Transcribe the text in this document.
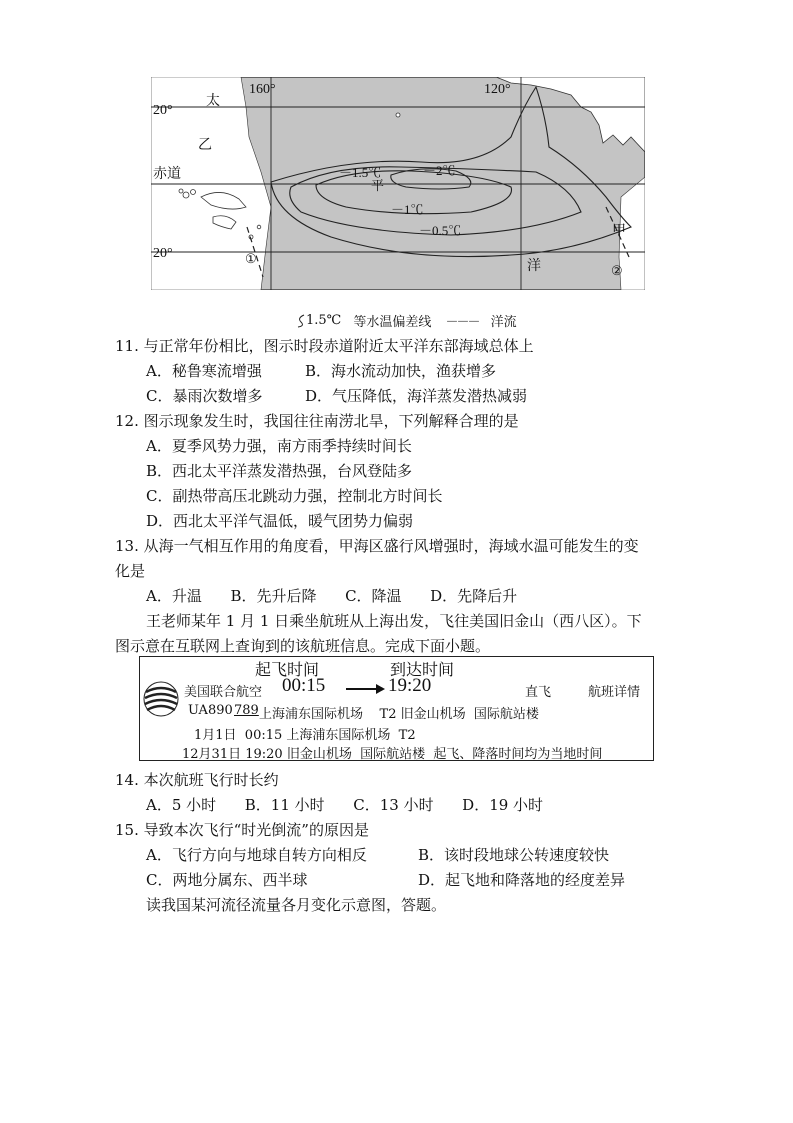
160°	120°
20°
20°
赤道
太
平
洋
乙
甲
－1.5℃	－2℃
－1℃
－0.5℃
①
②
1.5℃ 等水温偏差线 －－－ 洋流
11. 与正常年份相比，图示时段赤道附近太平洋东部海域总体上
A．秘鲁寒流增强	B．海水流动加快，渔获增多
C．暴雨次数增多	D．气压降低，海洋蒸发潜热减弱
12. 图示现象发生时，我国往往南涝北旱，下列解释合理的是
A．夏季风势力强，南方雨季持续时间长
B．西北太平洋蒸发潜热强，台风登陆多
C．副热带高压北跳动力强，控制北方时间长
D．西北太平洋气温低，暖气团势力偏弱
13. 从海一气相互作用的角度看，甲海区盛行风增强时，海域水温可能发生的变
化是
A．升温      B．先升后降      C．降温      D．先降后升
王老师某年 1 月 1 日乘坐航班从上海出发，飞往美国旧金山（西八区）。下
图示意在互联网上查询到的该航班信息。完成下面小题。
起飞时间	到达时间
美国联合航空 00:15	19:20	直飞	航班详情
UA890 789 上海浦东国际机场    T2 旧金山机场  国际航站楼
1月1日  00:15 上海浦东国际机场  T2
12月31日 19:20 旧金山机场  国际航站楼  起飞、降落时间均为当地时间
14. 本次航班飞行时长约
A．5 小时      B．11 小时      C．13 小时      D．19 小时
15. 导致本次飞行“时光倒流”的原因是
A．飞行方向与地球自转方向相反	B．该时段地球公转速度较快
C．两地分属东、西半球	D．起飞地和降落地的经度差异
读我国某河流径流量各月变化示意图，答题。
